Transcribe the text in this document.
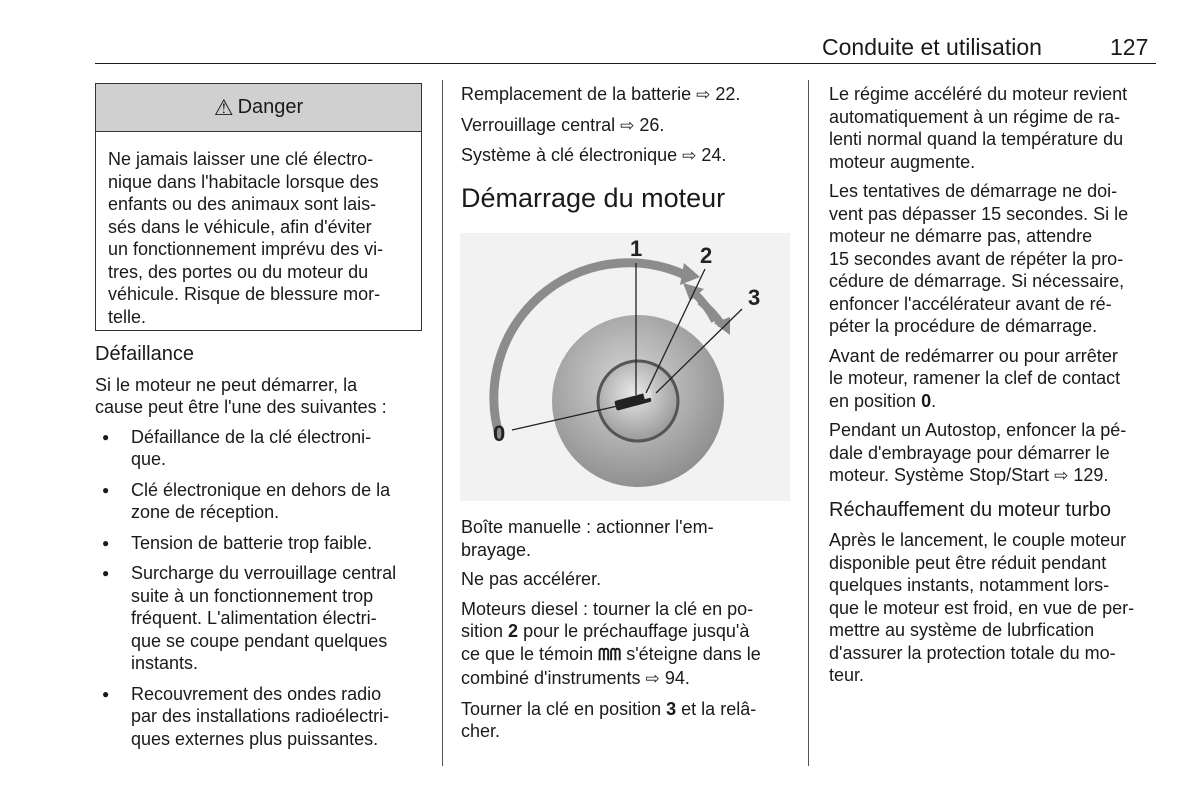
Conduite et utilisation	127
⚠ Danger
Ne jamais laisser une clé électro-
nique dans l'habitacle lorsque des
enfants ou des animaux sont lais-
sés dans le véhicule, afin d'éviter
un fonctionnement imprévu des vi-
tres, des portes ou du moteur du
véhicule. Risque de blessure mor-
telle.
Défaillance

Si le moteur ne peut démarrer, la
cause peut être l'une des suivantes :

● Défaillance de la clé électroni-
que.
● Clé électronique en dehors de la
zone de réception.
● Tension de batterie trop faible.
● Surcharge du verrouillage central
suite à un fonctionnement trop
fréquent. L'alimentation électri-
que se coupe pendant quelques
instants.
● Recouvrement des ondes radio
par des installations radioélectri-
ques externes plus puissantes.

Remplacement de la batterie ⇨ 22.

Verrouillage central ⇨ 26.

Système à clé électronique ⇨ 24.

Démarrage du moteur
0
1	2
3

Boîte manuelle : actionner l'em-
brayage.

Ne pas accélérer.

Moteurs diesel : tourner la clé en po-
sition 2 pour le préchauffage jusqu'à
ce que le témoin ᗰᗰ s'éteigne dans le
combiné d'instruments ⇨ 94.

Tourner la clé en position 3 et la relâ-
cher.

Le régime accéléré du moteur revient
automatiquement à un régime de ra-
lenti normal quand la température du
moteur augmente.

Les tentatives de démarrage ne doi-
vent pas dépasser 15 secondes. Si le
moteur ne démarre pas, attendre
15 secondes avant de répéter la pro-
cédure de démarrage. Si nécessaire,
enfoncer l'accélérateur avant de ré-
péter la procédure de démarrage.

Avant de redémarrer ou pour arrêter
le moteur, ramener la clef de contact
en position 0.

Pendant un Autostop, enfoncer la pé-
dale d'embrayage pour démarrer le
moteur. Système Stop/Start ⇨ 129.

Réchauffement du moteur turbo

Après le lancement, le couple moteur
disponible peut être réduit pendant
quelques instants, notamment lors-
que le moteur est froid, en vue de per-
mettre au système de lubrfication
d'assurer la protection totale du mo-
teur.
